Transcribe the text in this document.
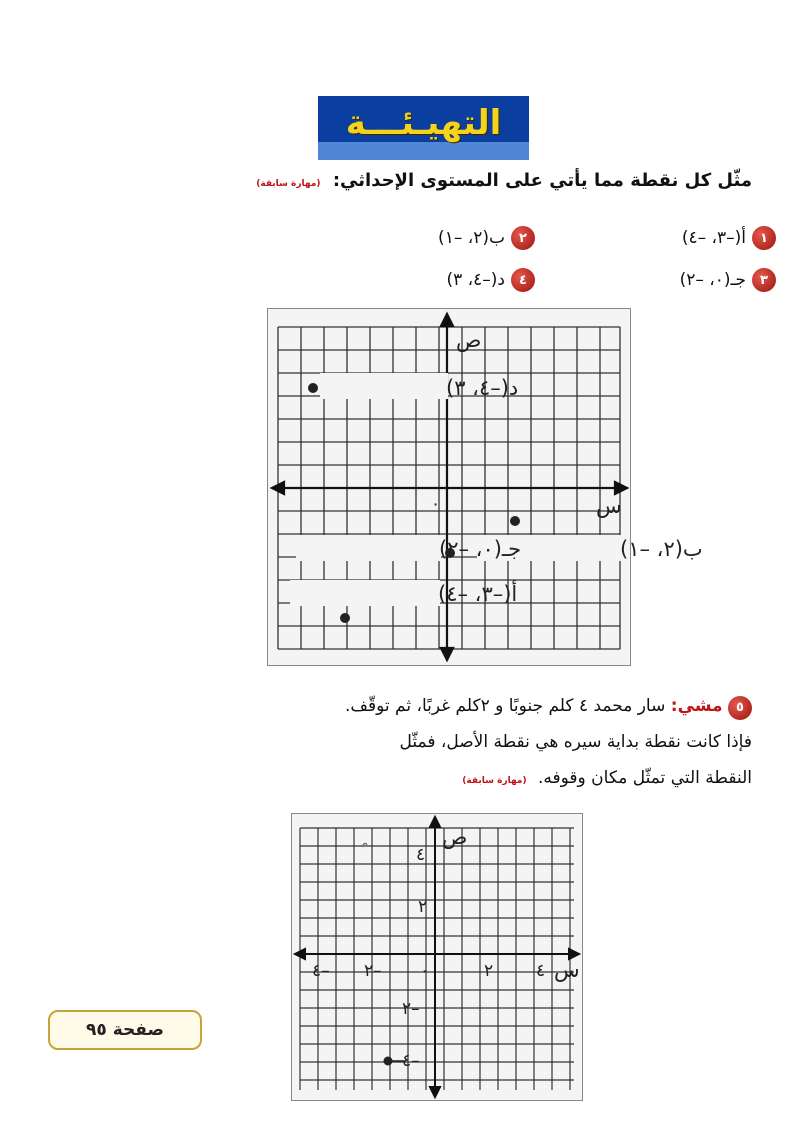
التهيـئـــة
مثّل كل نقطة مما يأتي على المستوى الإحداثي: (مهارة سابقة)
١
أ(–٣، –٤)
٢
ب(٢، –١)
٣
جـ(٠، –٢)
٤
د(–٤، ٣)
ص
س
٠
د(–٤، ٣)
ب(٢، –١)
جـ(٠، –٢)
أ(–٣، –٤)
٥ مشي: سار محمد ٤ كلم جنوبًا و ٢كلم غربًا، ثم توقّف.
فإذا كانت نقطة بداية سيره هي نقطة الأصل، فمثّل
النقطة التي تمثّل مكان وقوفه. (مهارة سابقة)
ص
س
٠
٤– ٢–	٢	٤
٤
٢
٢–
٤–
صفحة ٩٥
